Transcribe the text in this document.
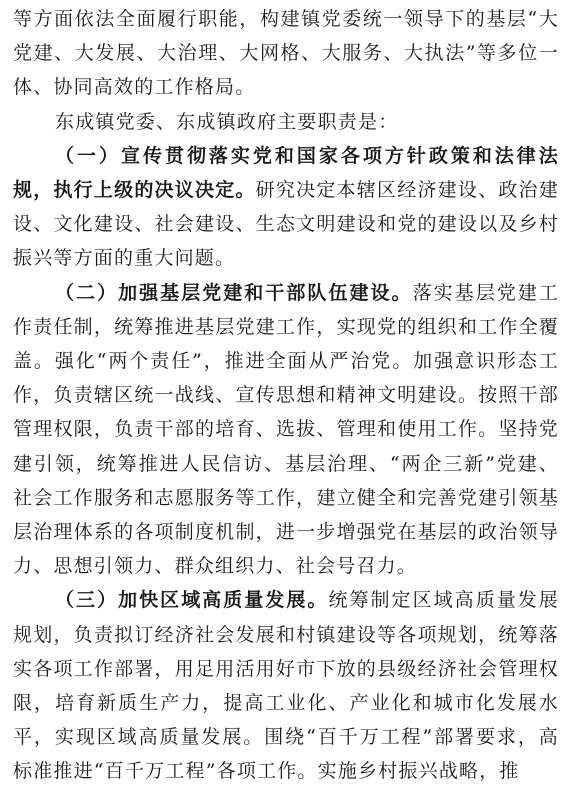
等方面依法全面履行职能，构建镇党委统一领导下的基层“大党建、大发展、大治理、大网格、大服务、大执法”等多位一体、协同高效的工作格局。

东成镇党委、东成镇政府主要职责是：

（一）宣传贯彻落实党和国家各项方针政策和法律法规，执行上级的决议决定。研究决定本辖区经济建设、政治建设、文化建设、社会建设、生态文明建设和党的建设以及乡村振兴等方面的重大问题。

（二）加强基层党建和干部队伍建设。落实基层党建工作责任制，统筹推进基层党建工作，实现党的组织和工作全覆盖。强化“两个责任”，推进全面从严治党。加强意识形态工作，负责辖区统一战线、宣传思想和精神文明建设。按照干部管理权限，负责干部的培育、选拔、管理和使用工作。坚持党建引领，统筹推进人民信访、基层治理、“两企三新”党建、社会工作服务和志愿服务等工作，建立健全和完善党建引领基层治理体系的各项制度机制，进一步增强党在基层的政治领导力、思想引领力、群众组织力、社会号召力。

（三）加快区域高质量发展。统筹制定区域高质量发展规划，负责拟订经济社会发展和村镇建设等各项规划，统筹落实各项工作部署，用足用活用好市下放的县级经济社会管理权限，培育新质生产力，提高工业化、产业化和城市化发展水平，实现区域高质量发展。围绕“百千万工程”部署要求，高标准推进“百千万工程”各项工作。实施乡村振兴战略，推
